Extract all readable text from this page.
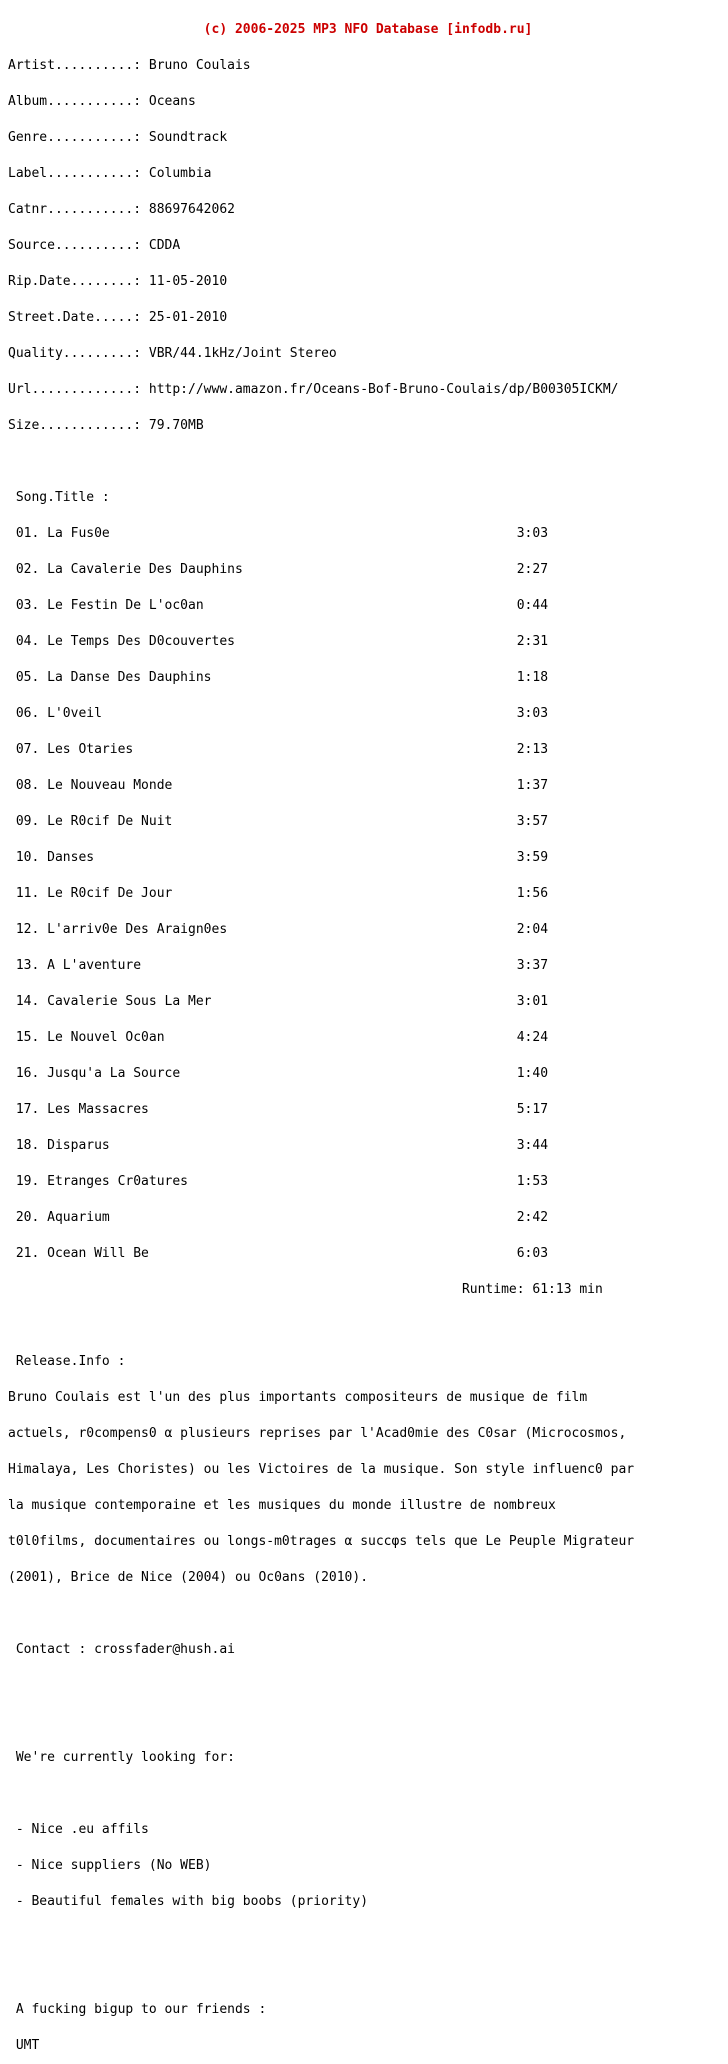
(c) 2006-2025 MP3 NFO Database [infodb.ru]

Artist..........: Bruno Coulais

Album...........: Oceans

Genre...........: Soundtrack

Label...........: Columbia

Catnr...........: 88697642062

Source..........: CDDA

Rip.Date........: 11-05-2010

Street.Date.....: 25-01-2010

Quality.........: VBR/44.1kHz/Joint Stereo

Url.............: http://www.amazon.fr/Oceans-Bof-Bruno-Coulais/dp/B00305ICKM/

Size............: 79.70MB

Song.Title :

01. La Fus0e                                                    3:03

02. La Cavalerie Des Dauphins                                   2:27

03. Le Festin De L'oc0an                                        0:44

04. Le Temps Des D0couvertes                                    2:31

05. La Danse Des Dauphins                                       1:18

06. L'0veil                                                     3:03

07. Les Otaries                                                 2:13

08. Le Nouveau Monde                                            1:37

09. Le R0cif De Nuit                                            3:57

10. Danses                                                      3:59

11. Le R0cif De Jour                                            1:56

12. L'arriv0e Des Araign0es                                     2:04

13. A L'aventure                                                3:37

14. Cavalerie Sous La Mer                                       3:01

15. Le Nouvel Oc0an                                             4:24

16. Jusqu'a La Source                                           1:40

17. Les Massacres                                               5:17

18. Disparus                                                    3:44

19. Etranges Cr0atures                                          1:53

20. Aquarium                                                    2:42

21. Ocean Will Be                                               6:03

Runtime: 61:13 min

Release.Info :

Bruno Coulais est l'un des plus importants compositeurs de musique de film

actuels, r0compens0 α plusieurs reprises par l'Acad0mie des C0sar (Microcosmos,

Himalaya, Les Choristes) ou les Victoires de la musique. Son style influenc0 par

la musique contemporaine et les musiques du monde illustre de nombreux

t0l0films, documentaires ou longs-m0trages α succφs tels que Le Peuple Migrateur

(2001), Brice de Nice (2004) ou Oc0ans (2010).

Contact : crossfader@hush.ai

We're currently looking for:

- Nice .eu affils

- Nice suppliers (No WEB)

- Beautiful females with big boobs (priority)

A fucking bigup to our friends :

UMT
